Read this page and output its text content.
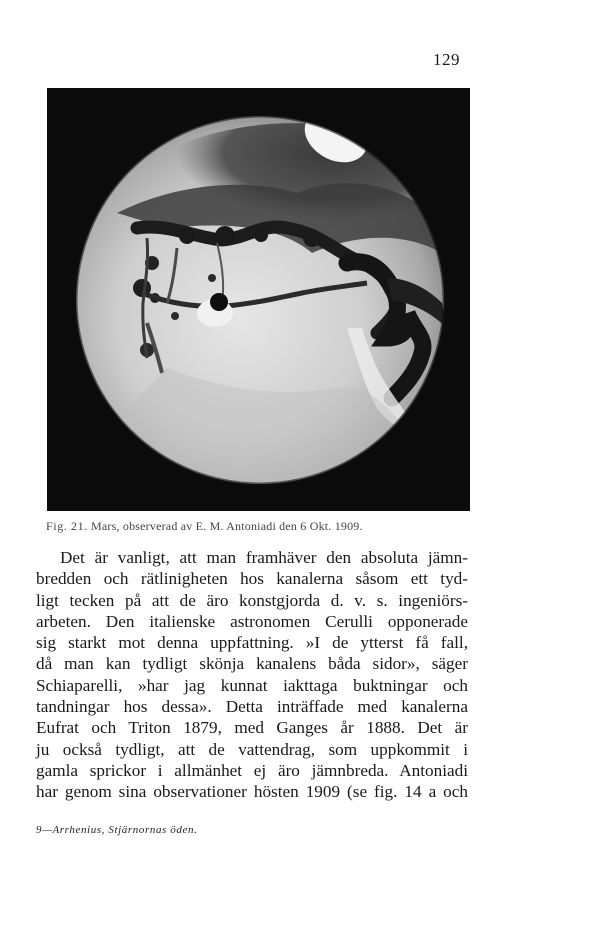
129
Fig. 21. Mars, observerad av E. M. Antoniadi den 6 Okt. 1909.
Det är vanligt, att man framhäver den absoluta jämn-
bredden och rätlinigheten hos kanalerna såsom ett tyd-
ligt tecken på att de äro konstgjorda d. v. s. ingeniörs-
arbeten. Den italienske astronomen Cerulli opponerade
sig starkt mot denna uppfattning. »I de ytterst få fall,
då man kan tydligt skönja kanalens båda sidor», säger
Schiaparelli, »har jag kunnat iakttaga buktningar och
tandningar hos dessa». Detta inträffade med kanalerna
Eufrat och Triton 1879, med Ganges år 1888. Det är
ju också tydligt, att de vattendrag, som uppkommit i
gamla sprickor i allmänhet ej äro jämnbreda. Antoniadi
har genom sina observationer hösten 1909 (se fig. 14 a och
9—Arrhenius, Stjärnornas öden.
